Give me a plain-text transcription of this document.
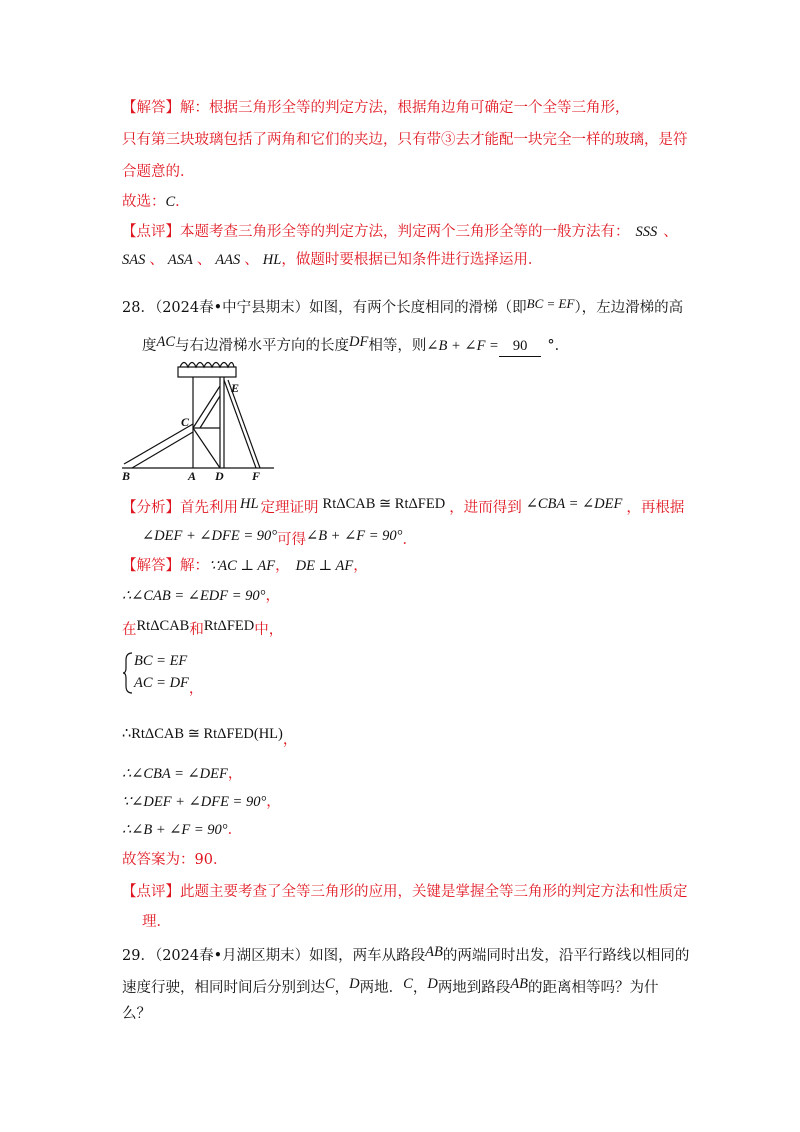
【解答】解：根据三角形全等的判定方法，根据角边角可确定一个全等三角形，
只有第三块玻璃包括了两角和它们的夹边，只有带③去才能配一块完全一样的玻璃，是符
合题意的．
故选：C．
【点评】本题考查三角形全等的判定方法，判定两个三角形全等的一般方法有： SSS 、
SAS 、 ASA 、 AAS 、 HL，做题时要根据已知条件进行选择运用．
28．（2024春•中宁县期末）如图，有两个长度相同的滑梯（即BC = EF），左边滑梯的高
度AC与右边滑梯水平方向的长度DF相等，则∠B + ∠F = 90 °．
B	A D F
C
E
【分析】首先利用 HL 定理证明 RtΔCAB ≅ RtΔFED ，进而得到 ∠CBA = ∠DEF ，再根据
∠DEF + ∠DFE = 90°可得∠B + ∠F = 90°．
【解答】解：∵AC ⊥ AF， DE ⊥ AF，
∴∠CAB = ∠EDF = 90°，
在RtΔCAB和RtΔFED中，
BC = EF
AC = DF，
∴RtΔCAB ≅ RtΔFED(HL)，
∴∠CBA = ∠DEF，
∵∠DEF + ∠DFE = 90°，
∴∠B + ∠F = 90°．
故答案为：90．
【点评】此题主要考查了全等三角形的应用，关键是掌握全等三角形的判定方法和性质定
理．
29．（2024春•月湖区期末）如图，两车从路段AB的两端同时出发，沿平行路线以相同的
速度行驶，相同时间后分别到达C，D两地．C，D两地到路段AB的距离相等吗？为什
么？
